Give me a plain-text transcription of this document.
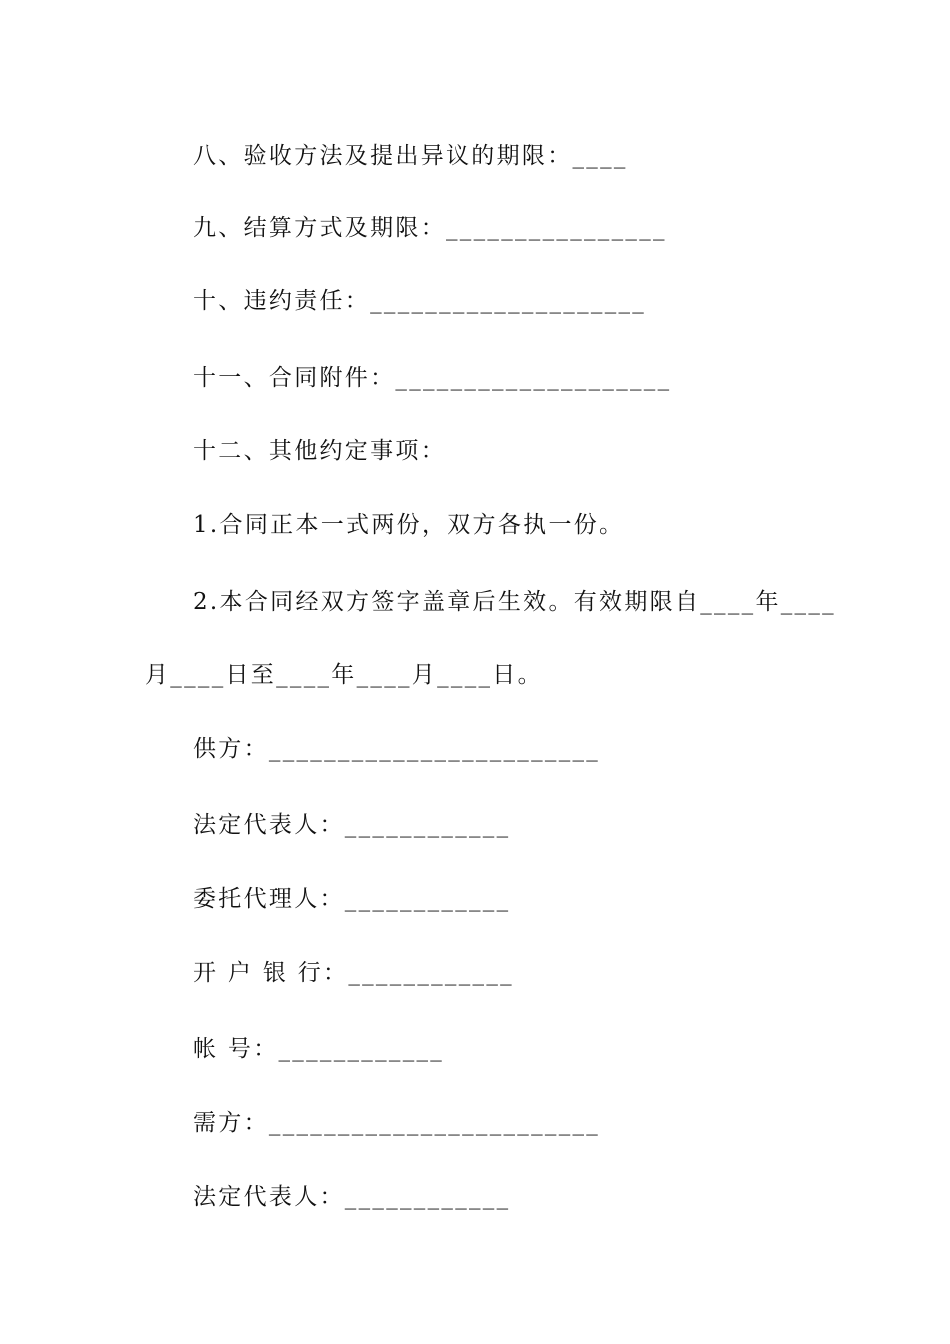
八、验收方法及提出异议的期限：____
九、结算方式及期限：________________
十、违约责任：____________________
十一、合同附件：____________________
十二、其他约定事项：
1.合同正本一式两份，双方各执一份。
2.本合同经双方签字盖章后生效。有效期限自____年____
月____日至____年____月____日。
供方：________________________
法定代表人：____________
委托代理人：____________
开 户 银 行：____________
帐 号：____________
需方：________________________
法定代表人：____________
